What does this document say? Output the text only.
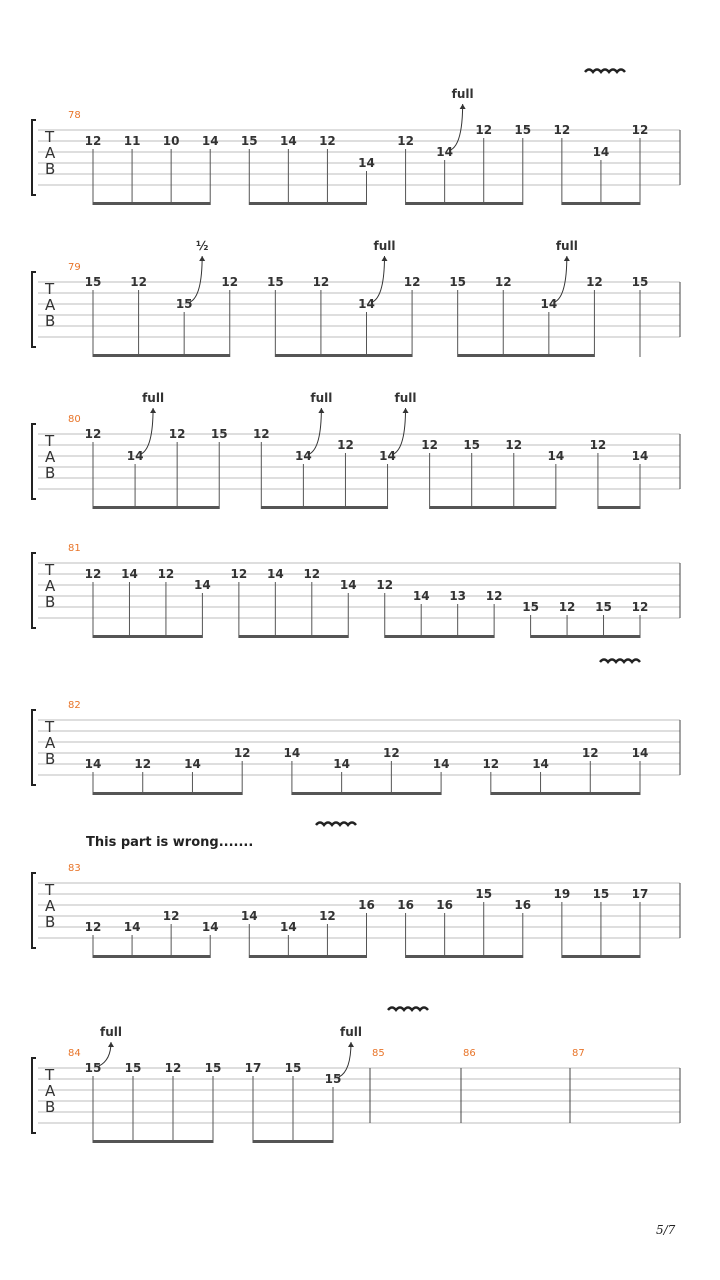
T
A
B
78
12 11 10 14 15 14 12
14
12
14
full
12 15 12
14
12
T
A
B
79
15 12
15
½
12 15 12
14
full
12 15 12
14
full
12 15
T
A
B
80
12
14
full
12 15 12
14
full
12
14
full
12 15 12
14
12
14
T
A
B
81
12 14 12
14
12 14 12
14 12
14 13 12
15 12 15 12
T
A
B
82
14	12	14
12	14
14
12
14	12	14
12	14
T
A
B
83
12 14
12
14
14
14
12
16 16 16
15
16
19 15 17
T
A
B
84
15
full
15 12 15 17 15
15
full
85	86	87
This part is wrong.......
5/7
